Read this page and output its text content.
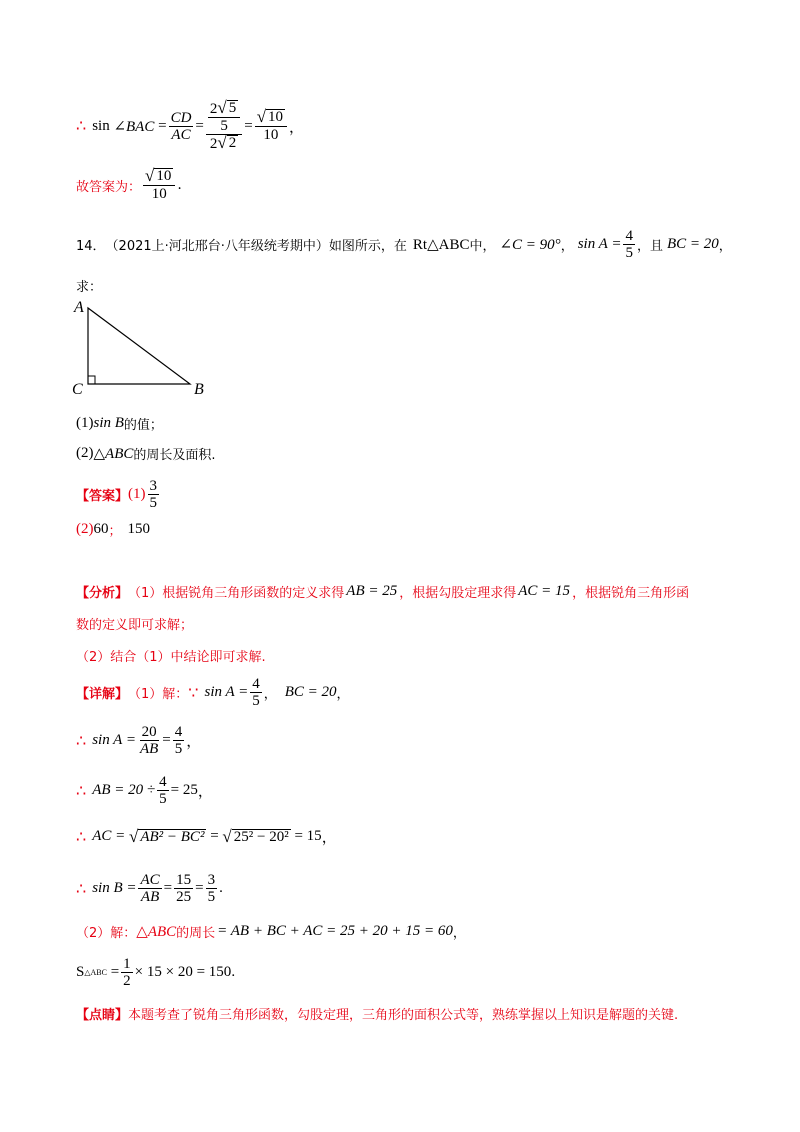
∴ sin
∠BAC
= $\frac{CD}{AC} = \frac{\frac{2 √ 5}{5}}{2 √ 2} = \frac{√ 10}{10}$ ，
故答案为： $\frac{√ 10}{10}$ .
14． （2021上·河北邢台·八年级统考期中）如图所示，在 Rt△ABC 中， ∠C = 90° ， $\sin A = \frac{4}{5}$ ，且 BC = 20 ，
求：
A
C	B
(1) sin B 的值；
(2) △ABC 的周长及面积.
【答案】 $(1) \frac{3}{5}$
(2) 60 ； 150
【分析】 （1）根据锐角三角形函数的定义求得 AB = 25 ，根据勾股定理求得 AC = 15 ，根据锐角三角形函
数的定义即可求解；
（2）结合（1）中结论即可求解.
【详解】 （1）解： ∵ $\sin A = \frac{4}{5}$ ， BC = 20 ，
∴ $\sin A = \frac{20}{AB} = \frac{4}{5}$ ，
∴ AB = $20 \div \frac{4}{5} = 25$ ，
∴ AC =
√ AB² − BC²
=
√ 25² − 20²
= 15 ，
∴ $\sin B = \frac{AC}{AB} = \frac{15}{25} = \frac{3}{5}$ .
（2）解： △ABC 的周长 = AB + BC + AC = 25 + 20 + 15 = 60 ，
S △ABC
= $\frac{1}{2} \times 15 \times 20 = 150$ .
【点睛】 本题考查了锐角三角形函数，勾股定理，三角形的面积公式等，熟练掌握以上知识是解题的关键.
